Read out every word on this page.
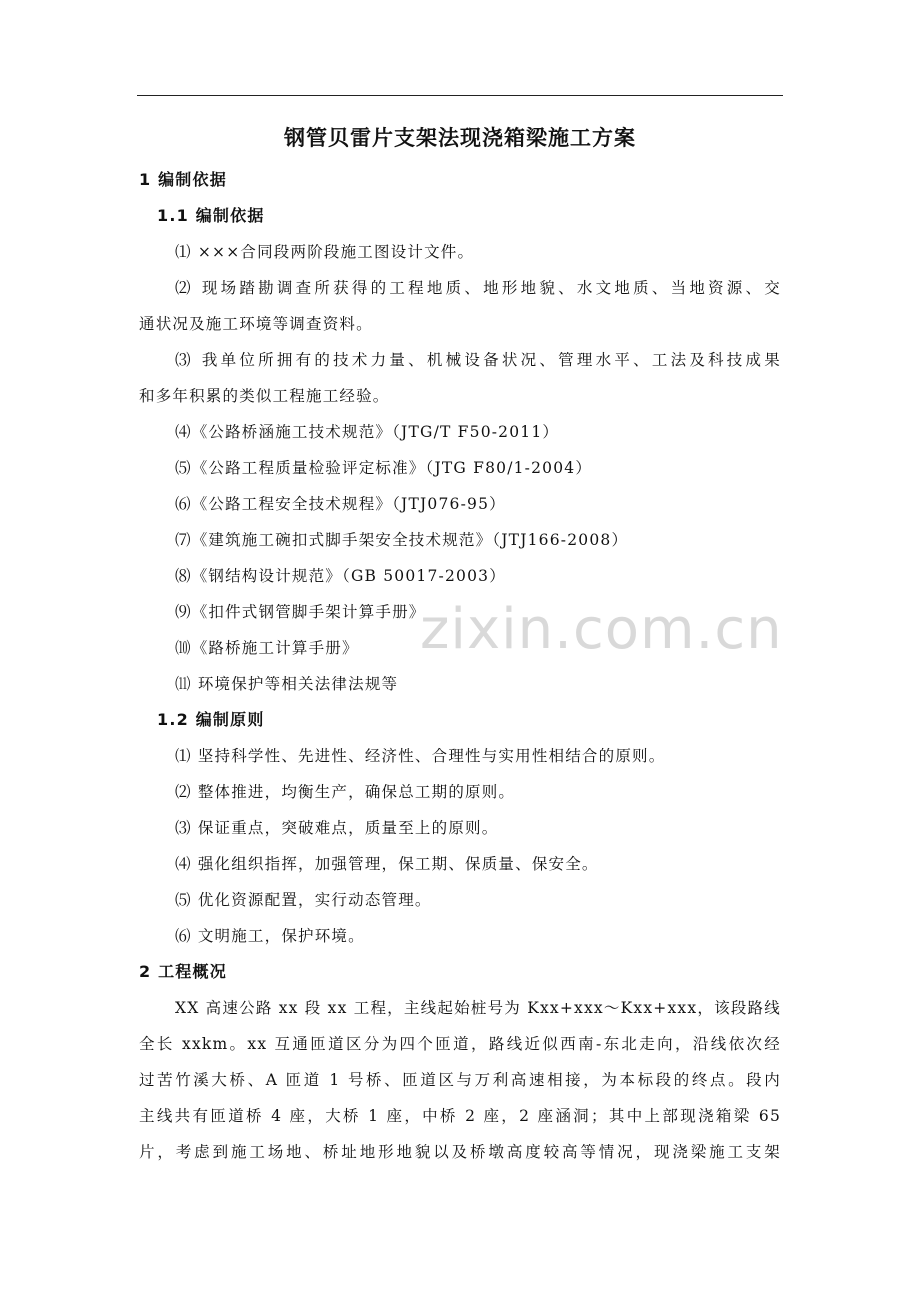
zixin.com.cn
钢管贝雷片支架法现浇箱梁施工方案
1 编制依据
1.1 编制依据
⑴ ×××合同段两阶段施工图设计文件。
⑵ 现场踏勘调查所获得的工程地质、地形地貌、水文地质、当地资源、交
通状况及施工环境等调查资料。
⑶ 我单位所拥有的技术力量、机械设备状况、管理水平、工法及科技成果
和多年积累的类似工程施工经验。
⑷《公路桥涵施工技术规范》（JTG/T F50-2011）
⑸《公路工程质量检验评定标准》（JTG F80/1-2004）
⑹《公路工程安全技术规程》（JTJ076-95）
⑺《建筑施工碗扣式脚手架安全技术规范》（JTJ166-2008）
⑻《钢结构设计规范》（GB 50017-2003）
⑼《扣件式钢管脚手架计算手册》
⑽《路桥施工计算手册》
⑾ 环境保护等相关法律法规等
1.2 编制原则
⑴ 坚持科学性、先进性、经济性、合理性与实用性相结合的原则。
⑵ 整体推进，均衡生产，确保总工期的原则。
⑶ 保证重点，突破难点，质量至上的原则。
⑷ 强化组织指挥，加强管理，保工期、保质量、保安全。
⑸ 优化资源配置，实行动态管理。
⑹ 文明施工，保护环境。
2 工程概况
XX 高速公路 xx 段 xx 工程，主线起始桩号为 Kxx+xxx～Kxx+xxx，该段路线
全长 xxkm。xx 互通匝道区分为四个匝道，路线近似西南-东北走向，沿线依次经
过苦竹溪大桥、A 匝道 1 号桥、匝道区与万利高速相接，为本标段的终点。段内
主线共有匝道桥 4 座，大桥 1 座，中桥 2 座，2 座涵洞；其中上部现浇箱梁 65
片，考虑到施工场地、桥址地形地貌以及桥墩高度较高等情况，现浇梁施工支架
